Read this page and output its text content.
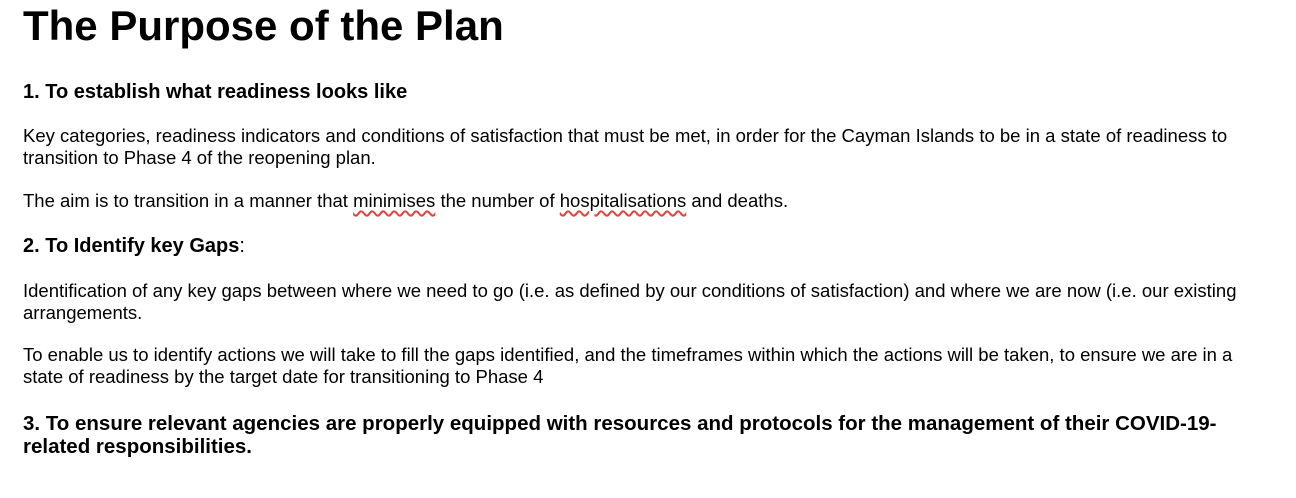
The Purpose of the Plan
1. To establish what readiness looks like
Key categories, readiness indicators and conditions of satisfaction that must be met, in order for the Cayman Islands to be in a state of readiness to transition to Phase 4 of the reopening plan.
The aim is to transition in a manner that minimises the number of hospitalisations and deaths.
2. To Identify key Gaps:
Identification of any key gaps between where we need to go (i.e. as defined by our conditions of satisfaction) and where we are now (i.e. our existing arrangements.
To enable us to identify actions we will take to fill the gaps identified, and the timeframes within which the actions will be taken, to ensure we are in a state of readiness by the target date for transitioning to Phase 4
3. To ensure relevant agencies are properly equipped with resources and protocols for the management of their COVID-19-related responsibilities.
